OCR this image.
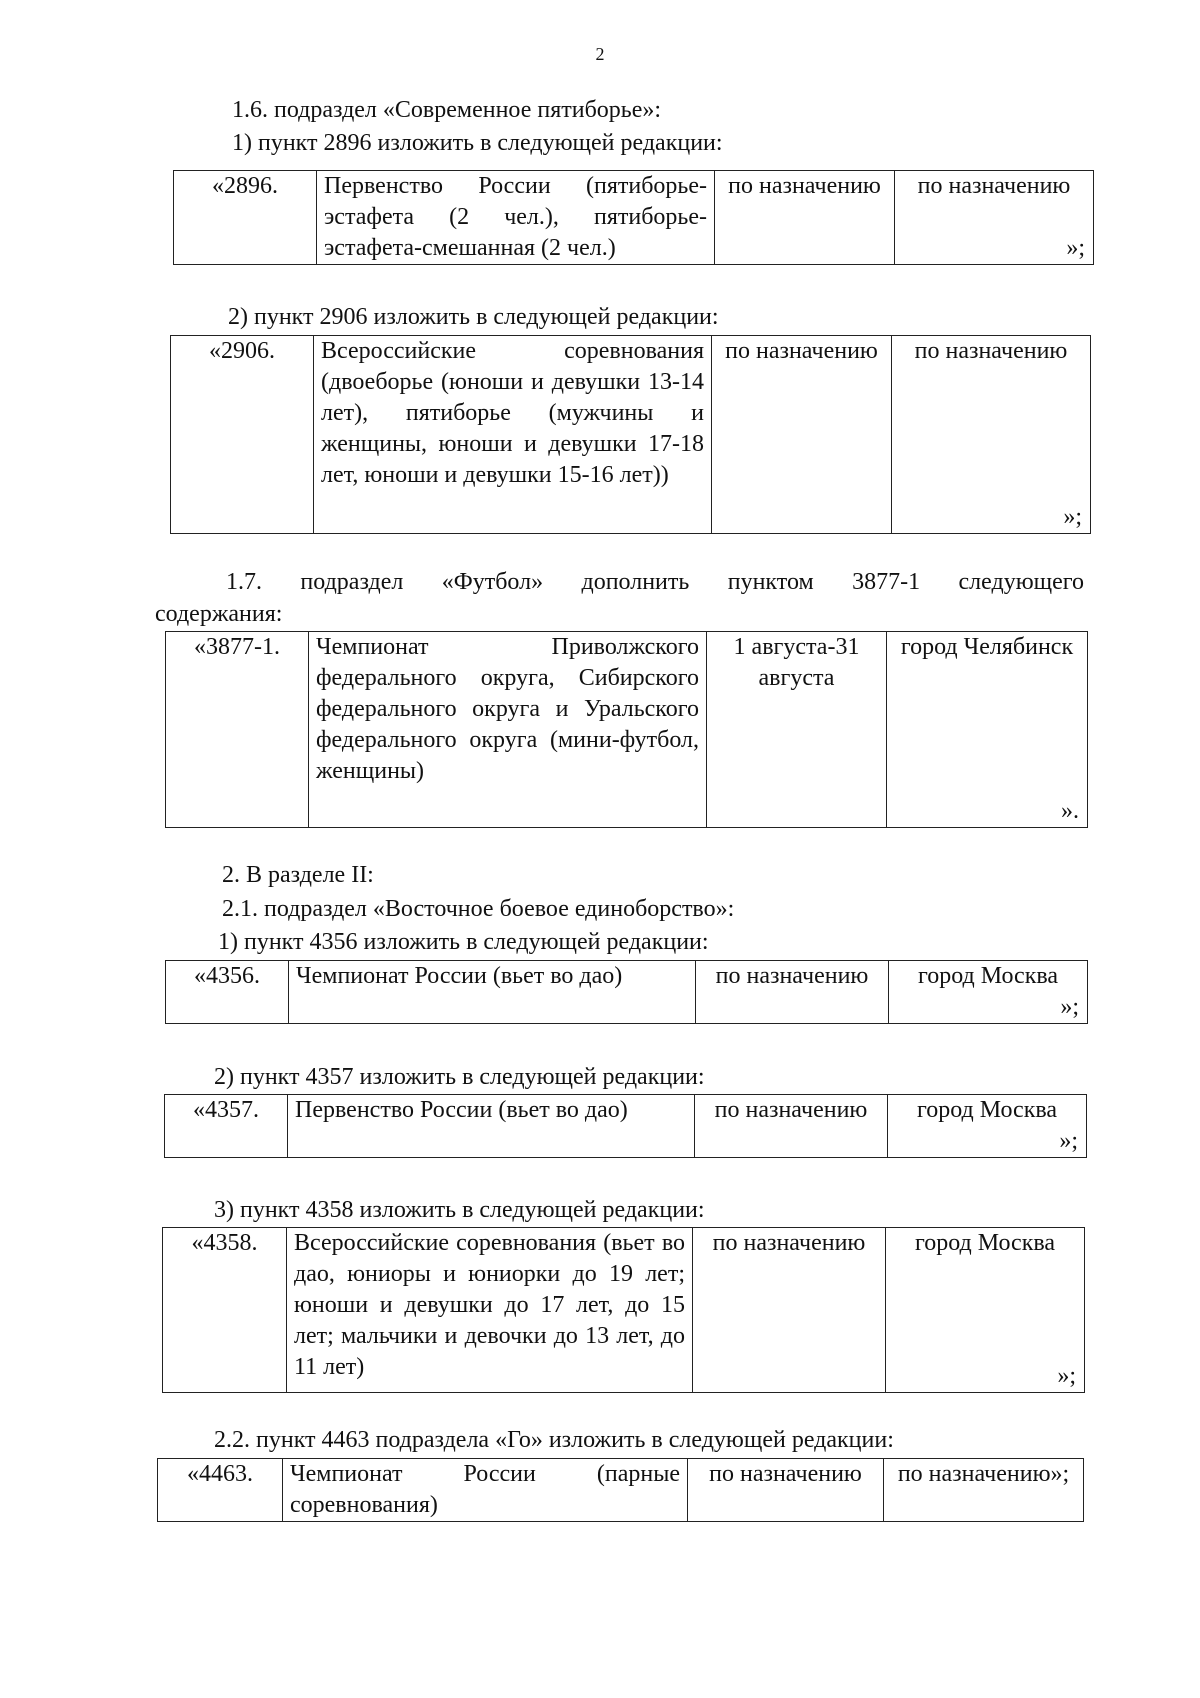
2
1.6. подраздел «Современное пятиборье»:
1) пункт 2896 изложить в следующей редакции:
«2896.	Первенство России (пятиборье-эстафета (2 чел.), пятиборье-эстафета-смешанная (2 чел.)	по назначению	по назначению
»;
2) пункт 2906 изложить в следующей редакции:
«2906.	Всероссийские соревнования (двоеборье (юноши и девушки 13-14 лет), пятиборье (мужчины и женщины, юноши и девушки 17-18 лет, юноши и девушки 15-16 лет))	по назначению	по назначению
»;
1.7. подраздел «Футбол» дополнить пунктом 3877-1 следующего
содержания:
«3877-1.	Чемпионат Приволжского федерального округа, Сибирского федерального округа и Уральского федерального округа (мини-футбол, женщины)	1 августа-31 августа	город Челябинск
».
2. В разделе II:
2.1. подраздел «Восточное боевое единоборство»:
1) пункт 4356 изложить в следующей редакции:
«4356.	Чемпионат России (вьет во дао)	по назначению	город Москва
»;
2) пункт 4357 изложить в следующей редакции:
«4357.	Первенство России (вьет во дао)	по назначению	город Москва
»;
3) пункт 4358 изложить в следующей редакции:
«4358.	Всероссийские соревнования (вьет во дао, юниоры и юниорки до 19 лет; юноши и девушки до 17 лет, до 15 лет; мальчики и девочки до 13 лет, до 11 лет)	по назначению	город Москва
»;
2.2. пункт 4463 подраздела «Го» изложить в следующей редакции:
«4463.	Чемпионат России (парные соревнования)	по назначению	по назначению»;
